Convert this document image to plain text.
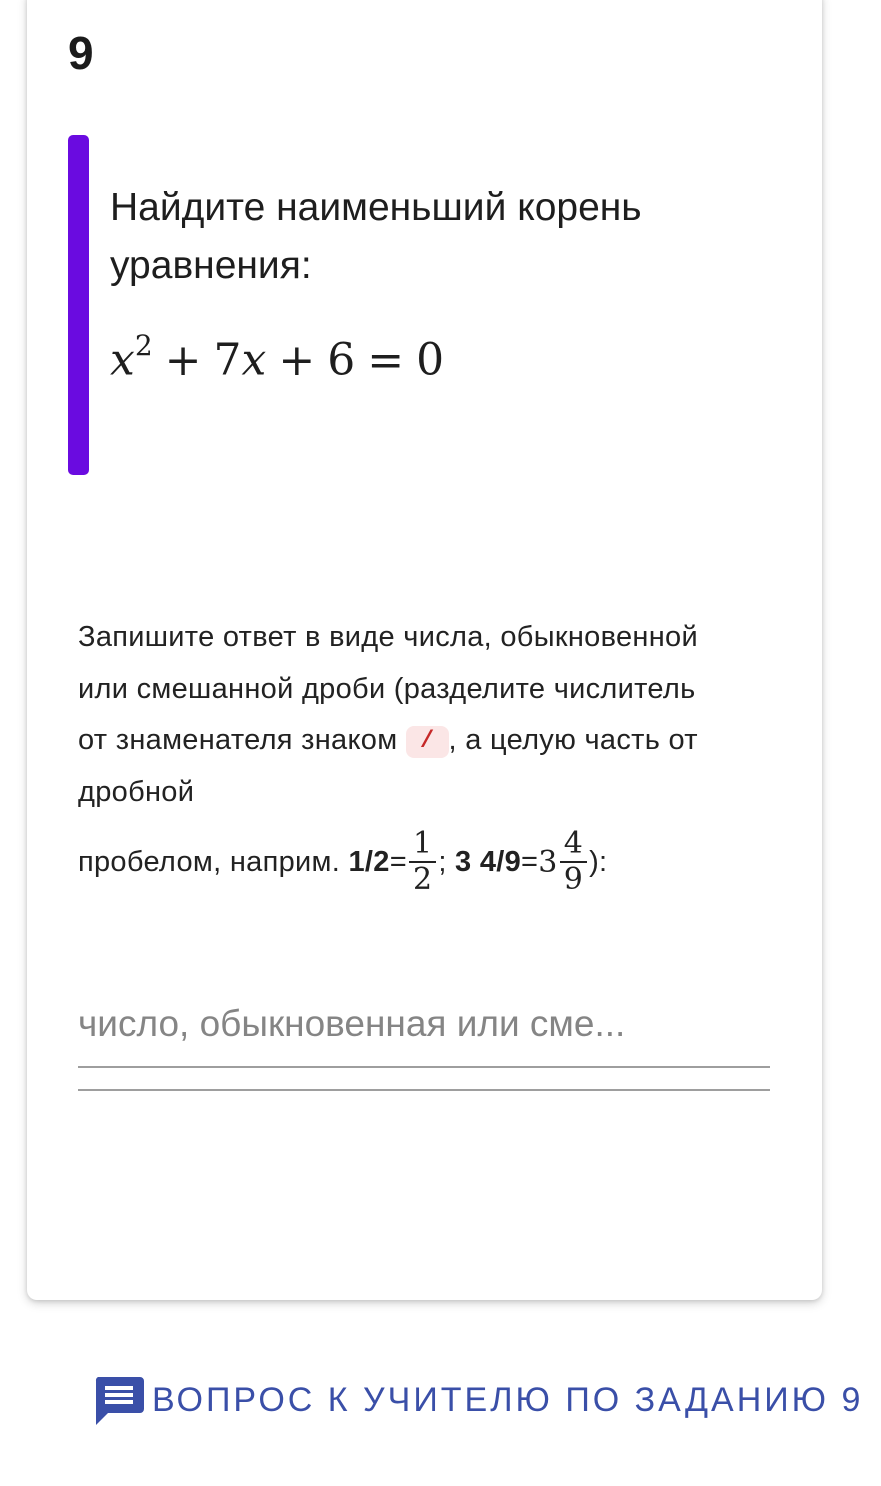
9
Найдите наименьший корень уравнения:
$x^2 + 7x + 6 = 0$
Запишите ответ в виде числа, обыкновенной или смешанной дроби (разделите числитель от знаменателя знаком / , а целую часть от дробной
пробелом, наприм.
$1/2 = \frac{1}{2}$ ;
3 $4/9 = 3 \frac{4}{9}$ ):
число, обыкновенная или сме...
ВОПРОС К УЧИТЕЛЮ ПО ЗАДАНИЮ 9
